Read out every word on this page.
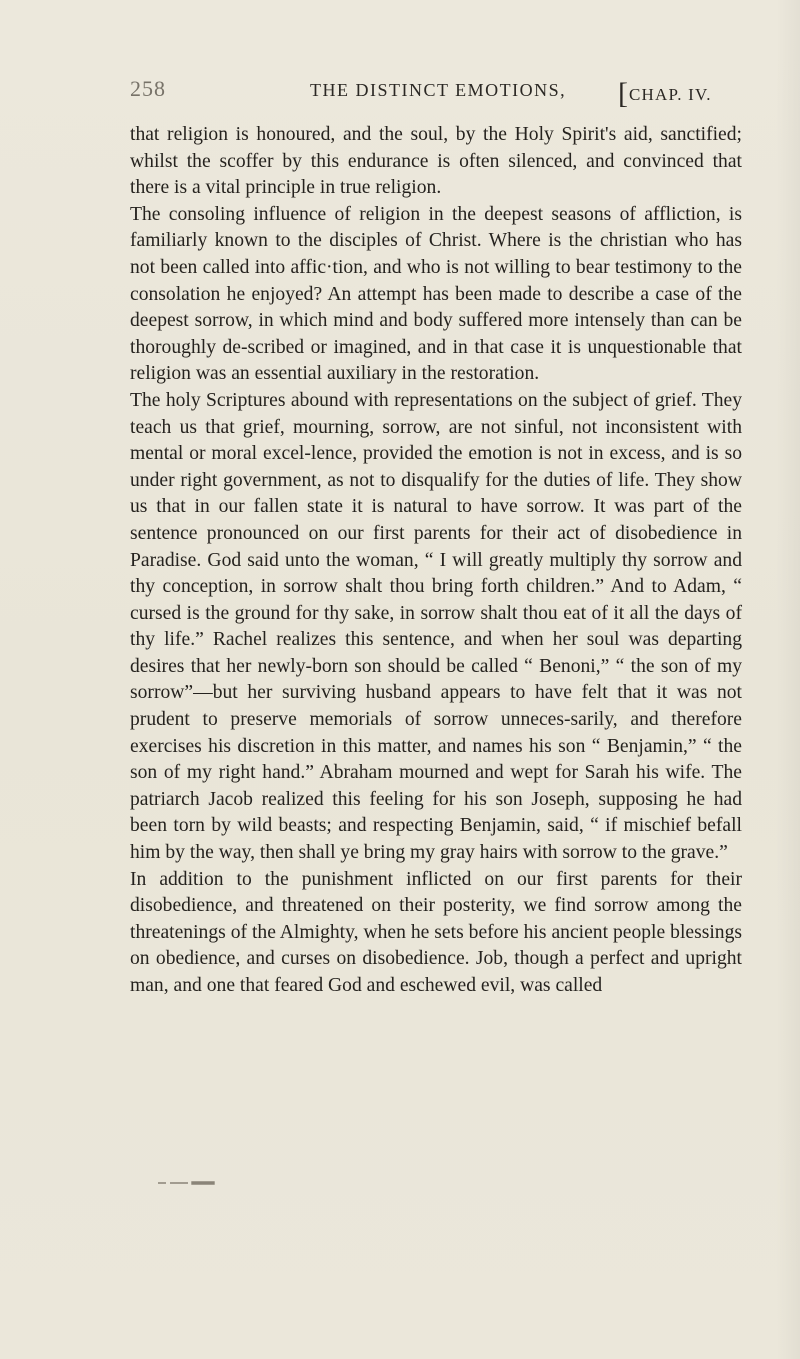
258	THE DISTINCT EMOTIONS, [CHAP. IV.

that religion is honoured, and the soul, by the Holy Spirit's aid, sanctified; whilst the scoffer by this endurance is often silenced, and convinced that there is a vital principle in true religion.

The consoling influence of religion in the deepest seasons of affliction, is familiarly known to the disciples of Christ. Where is the christian who has not been called into affic·tion, and who is not willing to bear testimony to the consolation he enjoyed? An attempt has been made to describe a case of the deepest sorrow, in which mind and body suffered more intensely than can be thoroughly de-scribed or imagined, and in that case it is unquestionable that religion was an essential auxiliary in the restoration.

The holy Scriptures abound with representations on the subject of grief. They teach us that grief, mourning, sorrow, are not sinful, not inconsistent with mental or moral excel-lence, provided the emotion is not in excess, and is so under right government, as not to disqualify for the duties of life. They show us that in our fallen state it is natural to have sorrow. It was part of the sentence pronounced on our first parents for their act of disobedience in Paradise. God said unto the woman, “ I will greatly multiply thy sorrow and thy conception, in sorrow shalt thou bring forth children.” And to Adam, “ cursed is the ground for thy sake, in sorrow shalt thou eat of it all the days of thy life.” Rachel realizes this sentence, and when her soul was departing desires that her newly-born son should be called “ Benoni,” “ the son of my sorrow”—but her surviving husband appears to have felt that it was not prudent to preserve memorials of sorrow unneces-sarily, and therefore exercises his discretion in this matter, and names his son “ Benjamin,” “ the son of my right hand.” Abraham mourned and wept for Sarah his wife. The patriarch Jacob realized this feeling for his son Joseph, supposing he had been torn by wild beasts; and respecting Benjamin, said, “ if mischief befall him by the way, then shall ye bring my gray hairs with sorrow to the grave.”

In addition to the punishment inflicted on our first parents for their disobedience, and threatened on their posterity, we find sorrow among the threatenings of the Almighty, when he sets before his ancient people blessings on obedience, and curses on disobedience. Job, though a perfect and upright man, and one that feared God and eschewed evil, was called
